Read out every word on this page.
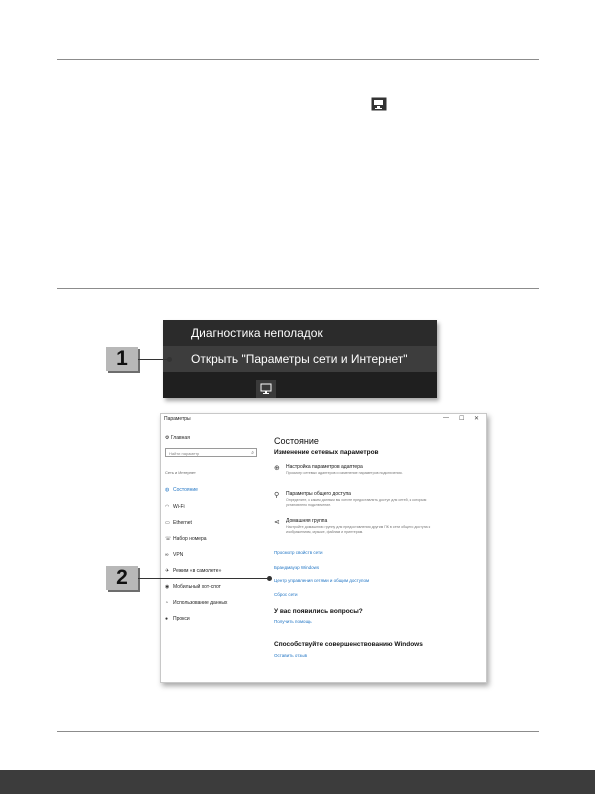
Диагностика неполадок
Открыть "Параметры сети и Интернет"
1
Параметры	— ☐ ✕
⚙ Главная
Найти параметр	⌕
Сеть и Интернет
◍ Состояние
◠ Wi-Fi
▭ Ethernet
☏ Набор номера
∞ VPN
✈ Режим «в самолете»
◉ Мобильный хот-спот
◔ Использование данных
● Прокси
Состояние
Изменение сетевых параметров
⊕ Настройка параметров адаптера
Просмотр сетевых адаптеров и изменение параметров подключения.
⚲ Параметры общего доступа
Определите, к каким данным вы хотите предоставлять доступ для сетей, к которым установлено подключение.
⋖ Домашняя группа
Настройте домашнюю группу для предоставления другим ПК в сети общего доступа к изображениям, музыке, файлам и принтерам.
Просмотр свойств сети
Брандмауэр Windows
Центр управления сетями и общим доступом
Сброс сети
У вас появились вопросы?
Получить помощь
Способствуйте совершенствованию Windows
Оставить отзыв
2
